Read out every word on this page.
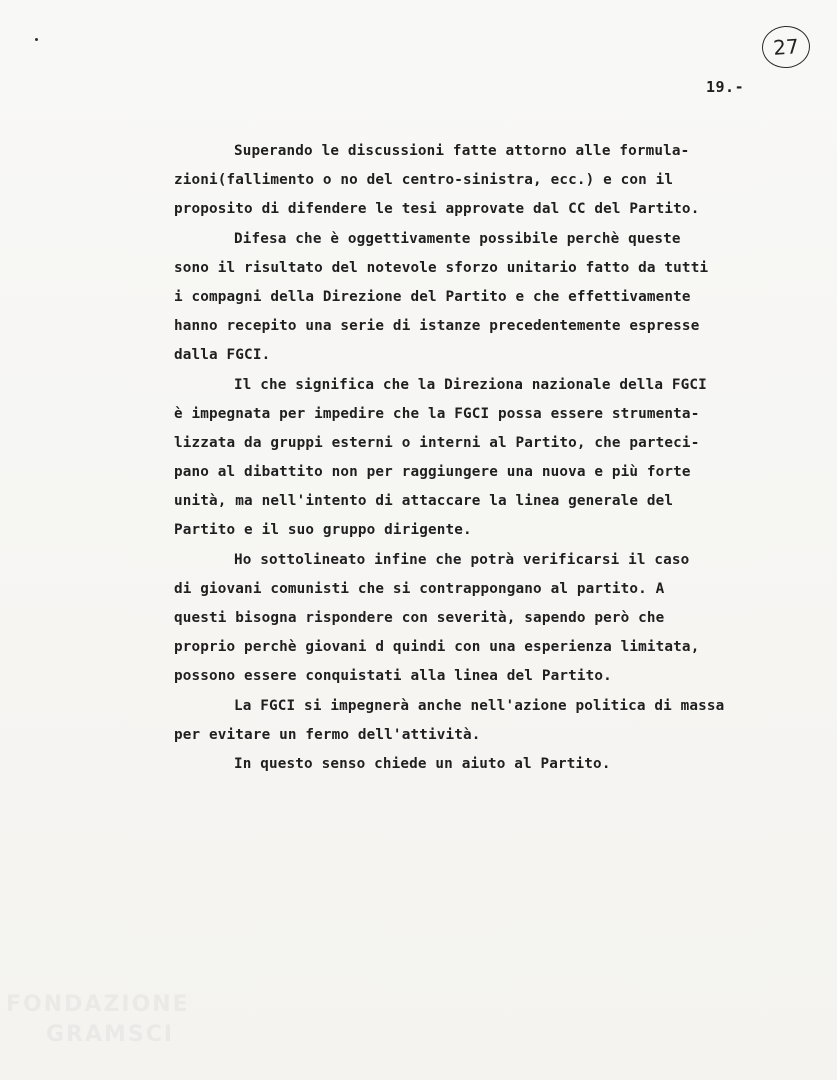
27
19.-
Superando le discussioni fatte attorno alle formula-
zioni(fallimento o no del centro-sinistra, ecc.) e con il
proposito di difendere le tesi approvate dal CC del Partito.
Difesa che è oggettivamente possibile perchè queste
sono il risultato del notevole sforzo unitario fatto da tutti
i compagni della Direzione del Partito e che effettivamente
hanno recepito una serie di istanze precedentemente espresse
dalla FGCI.
Il che significa che la Direziona nazionale della FGCI
è impegnata per impedire che la FGCI possa essere strumenta-
lizzata da gruppi esterni o interni al Partito, che parteci-
pano al dibattito non per raggiungere una nuova e più forte
unità, ma nell'intento di attaccare la linea generale del
Partito e il suo gruppo dirigente.
Ho sottolineato infine che potrà verificarsi il caso
di giovani comunisti che si contrappongano al partito. A
questi bisogna rispondere con severità, sapendo però che
proprio perchè giovani d quindi con una esperienza limitata,
possono essere conquistati alla linea del Partito.
La FGCI si impegnerà anche nell'azione politica di massa
per evitare un fermo dell'attività.
In questo senso chiede un aiuto al Partito.
FONDAZIONE
GRAMSCI
